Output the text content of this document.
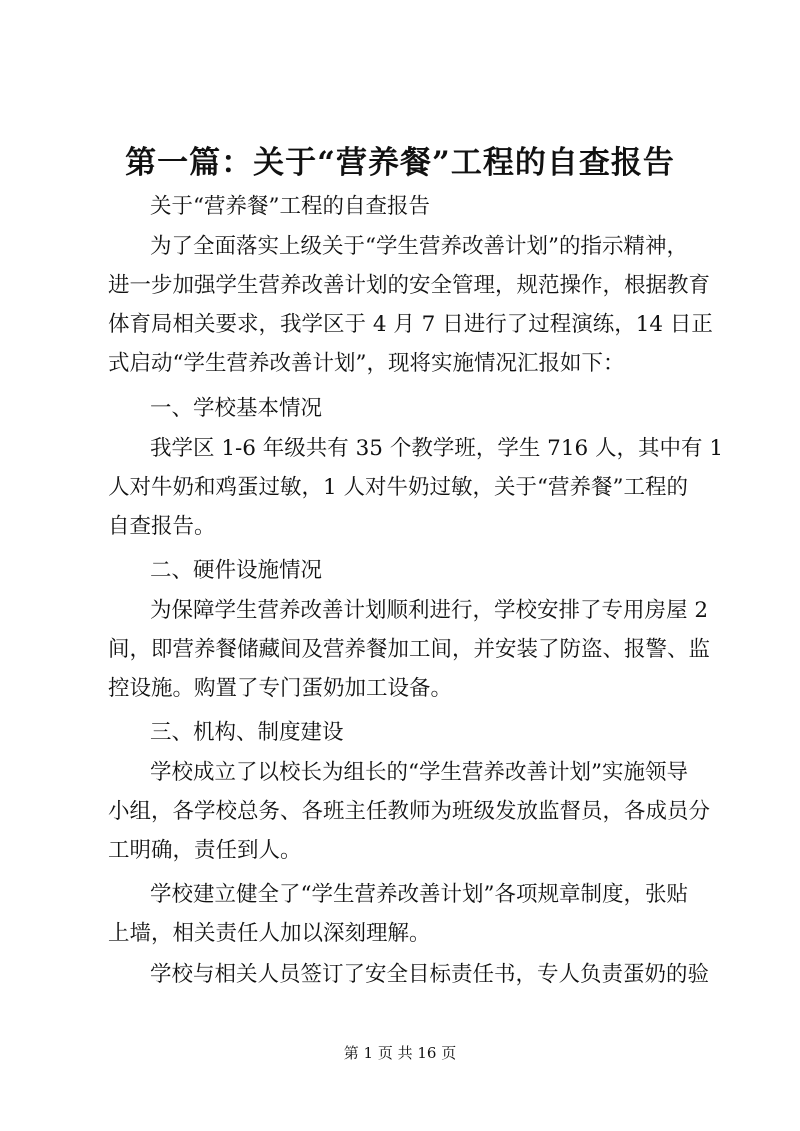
第一篇：关于“营养餐”工程的自查报告
关于“营养餐”工程的自查报告
为了全面落实上级关于“学生营养改善计划”的指示精神，
进一步加强学生营养改善计划的安全管理，规范操作，根据教育
体育局相关要求，我学区于 4 月 7 日进行了过程演练，14 日正
式启动“学生营养改善计划”，现将实施情况汇报如下：
一、学校基本情况
我学区 1-6 年级共有 35 个教学班，学生 716 人，其中有 1
人对牛奶和鸡蛋过敏，1 人对牛奶过敏，关于“营养餐”工程的
自查报告。
二、硬件设施情况
为保障学生营养改善计划顺利进行，学校安排了专用房屋 2
间，即营养餐储藏间及营养餐加工间，并安装了防盗、报警、监
控设施。购置了专门蛋奶加工设备。
三、机构、制度建设
学校成立了以校长为组长的“学生营养改善计划”实施领导
小组，各学校总务、各班主任教师为班级发放监督员，各成员分
工明确，责任到人。
学校建立健全了“学生营养改善计划”各项规章制度，张贴
上墙，相关责任人加以深刻理解。
学校与相关人员签订了安全目标责任书，专人负责蛋奶的验
第 1 页 共 16 页
